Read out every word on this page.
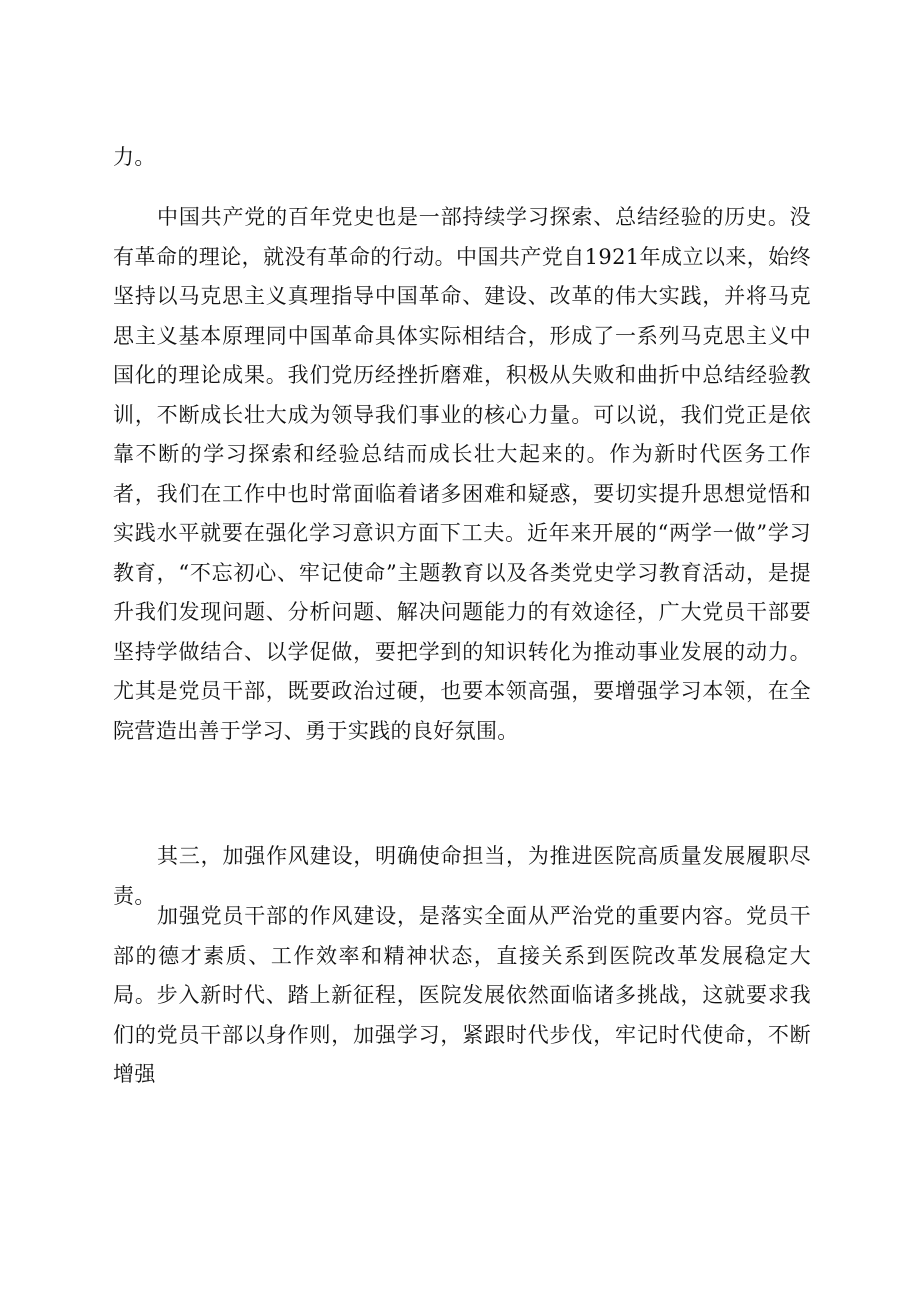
力。

中国共产党的百年党史也是一部持续学习探索、总结经验的历史。没有革命的理论，就没有革命的行动。中国共产党自1921年成立以来，始终坚持以马克思主义真理指导中国革命、建设、改革的伟大实践，并将马克思主义基本原理同中国革命具体实际相结合，形成了一系列马克思主义中国化的理论成果。我们党历经挫折磨难，积极从失败和曲折中总结经验教训，不断成长壮大成为领导我们事业的核心力量。可以说，我们党正是依靠不断的学习探索和经验总结而成长壮大起来的。作为新时代医务工作者，我们在工作中也时常面临着诸多困难和疑惑，要切实提升思想觉悟和实践水平就要在强化学习意识方面下工夫。近年来开展的“两学一做”学习教育，“不忘初心、牢记使命”主题教育以及各类党史学习教育活动，是提升我们发现问题、分析问题、解决问题能力的有效途径，广大党员干部要坚持学做结合、以学促做，要把学到的知识转化为推动事业发展的动力。尤其是党员干部，既要政治过硬，也要本领高强，要增强学习本领，在全院营造出善于学习、勇于实践的良好氛围。

其三，加强作风建设，明确使命担当，为推进医院高质量发展履职尽责。

加强党员干部的作风建设，是落实全面从严治党的重要内容。党员干部的德才素质、工作效率和精神状态，直接关系到医院改革发展稳定大局。步入新时代、踏上新征程，医院发展依然面临诸多挑战，这就要求我们的党员干部以身作则，加强学习，紧跟时代步伐，牢记时代使命，不断增强
